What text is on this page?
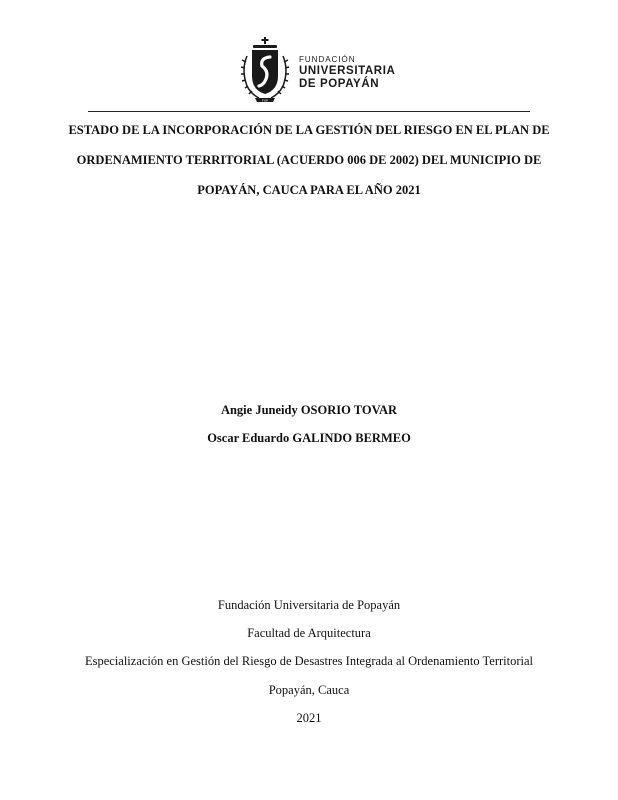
FUP
FUNDACIÓN
UNIVERSITARIA
DE POPAYÁN

ESTADO DE LA INCORPORACIÓN DE LA GESTIÓN DEL RIESGO EN EL PLAN DE

ORDENAMIENTO TERRITORIAL (ACUERDO 006 DE 2002) DEL MUNICIPIO DE

POPAYÁN, CAUCA PARA EL AÑO 2021

Angie Juneidy OSORIO TOVAR
Oscar Eduardo GALINDO BERMEO
Fundación Universitaria de Popayán
Facultad de Arquitectura
Especialización en Gestión del Riesgo de Desastres Integrada al Ordenamiento Territorial
Popayán, Cauca
2021
